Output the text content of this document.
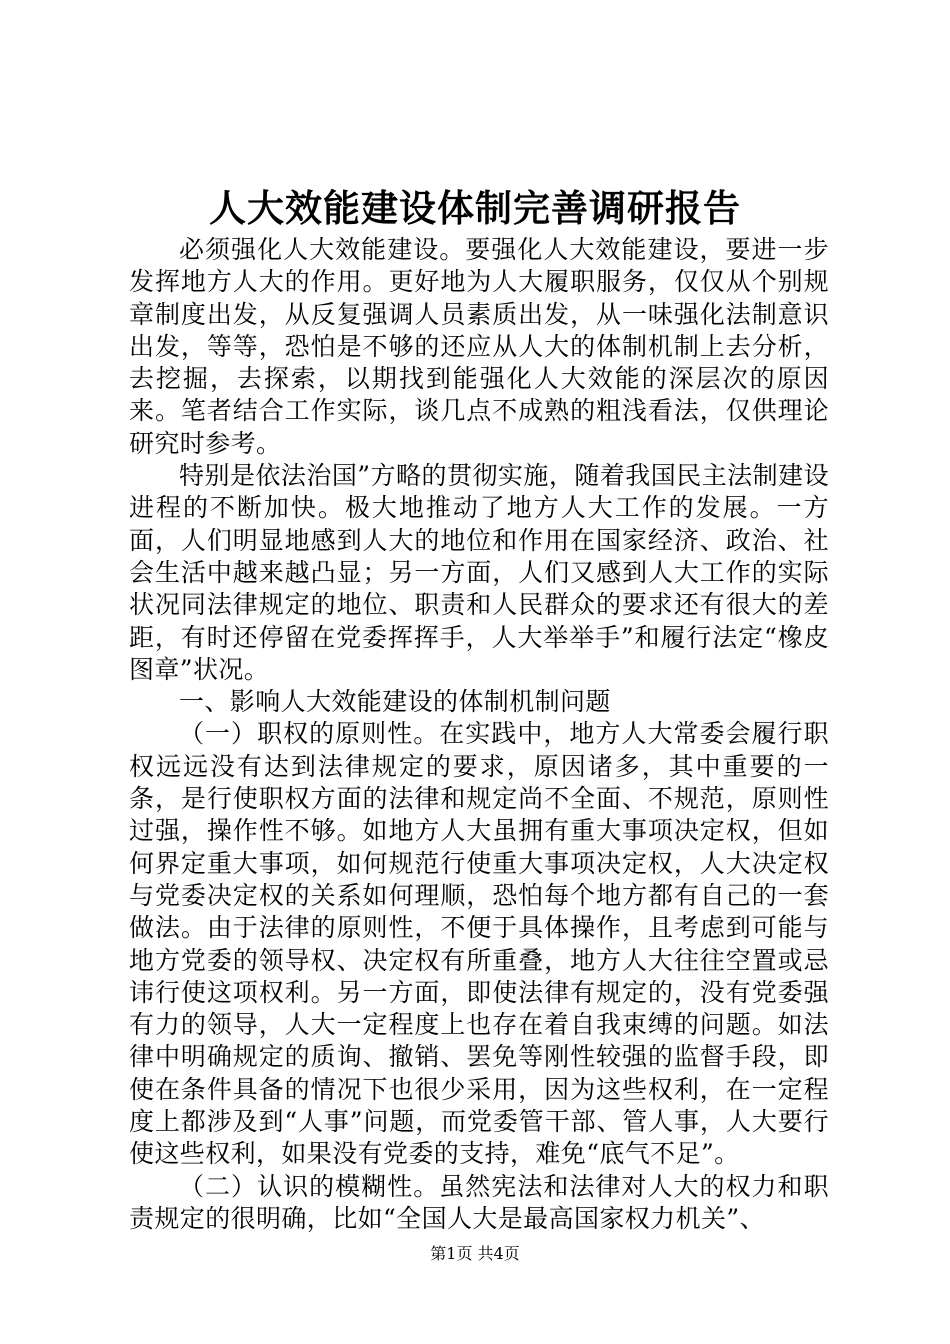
人大效能建设体制完善调研报告

必须强化人大效能建设。要强化人大效能建设，要进一步发挥地方人大的作用。更好地为人大履职服务，仅仅从个别规章制度出发，从反复强调人员素质出发，从一味强化法制意识出发，等等，恐怕是不够的还应从人大的体制机制上去分析，去挖掘，去探索，以期找到能强化人大效能的深层次的原因来。笔者结合工作实际，谈几点不成熟的粗浅看法，仅供理论研究时参考。

特别是依法治国”方略的贯彻实施，随着我国民主法制建设进程的不断加快。极大地推动了地方人大工作的发展。一方面，人们明显地感到人大的地位和作用在国家经济、政治、社会生活中越来越凸显；另一方面，人们又感到人大工作的实际状况同法律规定的地位、职责和人民群众的要求还有很大的差距，有时还停留在党委挥挥手，人大举举手”和履行法定“橡皮图章”状况。

一、影响人大效能建设的体制机制问题

（一）职权的原则性。在实践中，地方人大常委会履行职权远远没有达到法律规定的要求，原因诸多，其中重要的一条，是行使职权方面的法律和规定尚不全面、不规范，原则性过强，操作性不够。如地方人大虽拥有重大事项决定权，但如何界定重大事项，如何规范行使重大事项决定权，人大决定权与党委决定权的关系如何理顺，恐怕每个地方都有自己的一套做法。由于法律的原则性，不便于具体操作，且考虑到可能与地方党委的领导权、决定权有所重叠，地方人大往往空置或忌讳行使这项权利。另一方面，即使法律有规定的，没有党委强有力的领导，人大一定程度上也存在着自我束缚的问题。如法律中明确规定的质询、撤销、罢免等刚性较强的监督手段，即使在条件具备的情况下也很少采用，因为这些权利，在一定程度上都涉及到“人事”问题，而党委管干部、管人事，人大要行使这些权利，如果没有党委的支持，难免“底气不足”。

（二）认识的模糊性。虽然宪法和法律对人大的权力和职责规定的很明确，比如“全国人大是最高国家权力机关”、

第1页 共4页
